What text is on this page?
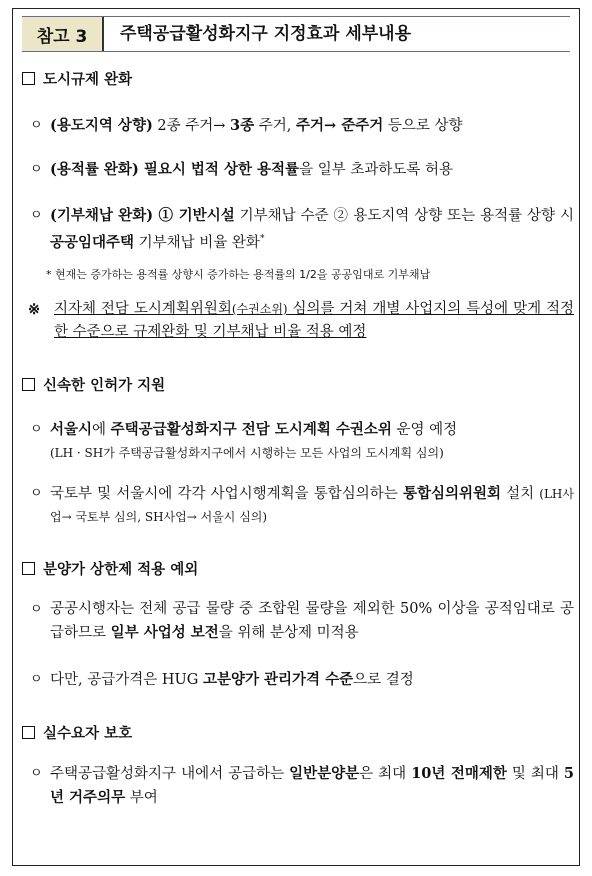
참고 3	주택공급활성화지구 지정효과 세부내용
도시규제 완화
ㅇ (용도지역 상향) 2종 주거→ 3종 주거, 주거→ 준주거 등으로 상향
ㅇ (용적률 완화) 필요시 법적 상한 용적률을 일부 초과하도록 허용
ㅇ (기부채납 완화) ① 기반시설 기부채납 수준 ② 용도지역 상향 또는 용적률 상향 시 공공임대주택 기부채납 비율 완화*
* 현재는 증가하는 용적률 상향시 증가하는 용적률의 1/2을 공공임대로 기부채납
※ 지자체 전담 도시계획위원회(수권소위) 심의를 거쳐 개별 사업지의 특성에 맞게 적정한 수준으로 규제완화 및 기부채납 비율 적용 예정
신속한 인허가 지원
ㅇ 서울시에 주택공급활성화지구 전담 도시계획 수권소위 운영 예정
(LH · SH가 주택공급활성화지구에서 시행하는 모든 사업의 도시계획 심의)
ㅇ 국토부 및 서울시에 각각 사업시행계획을 통합심의하는 통합심의위원회 설치 (LH사업→ 국토부 심의, SH사업→ 서울시 심의)
분양가 상한제 적용 예외
ㅇ 공공시행자는 전체 공급 물량 중 조합원 물량을 제외한 50% 이상을 공적임대로 공급하므로 일부 사업성 보전을 위해 분상제 미적용
ㅇ 다만, 공급가격은 HUG 고분양가 관리가격 수준으로 결정
실수요자 보호
ㅇ 주택공급활성화지구 내에서 공급하는 일반분양분은 최대 10년 전매제한 및 최대 5년 거주의무 부여
